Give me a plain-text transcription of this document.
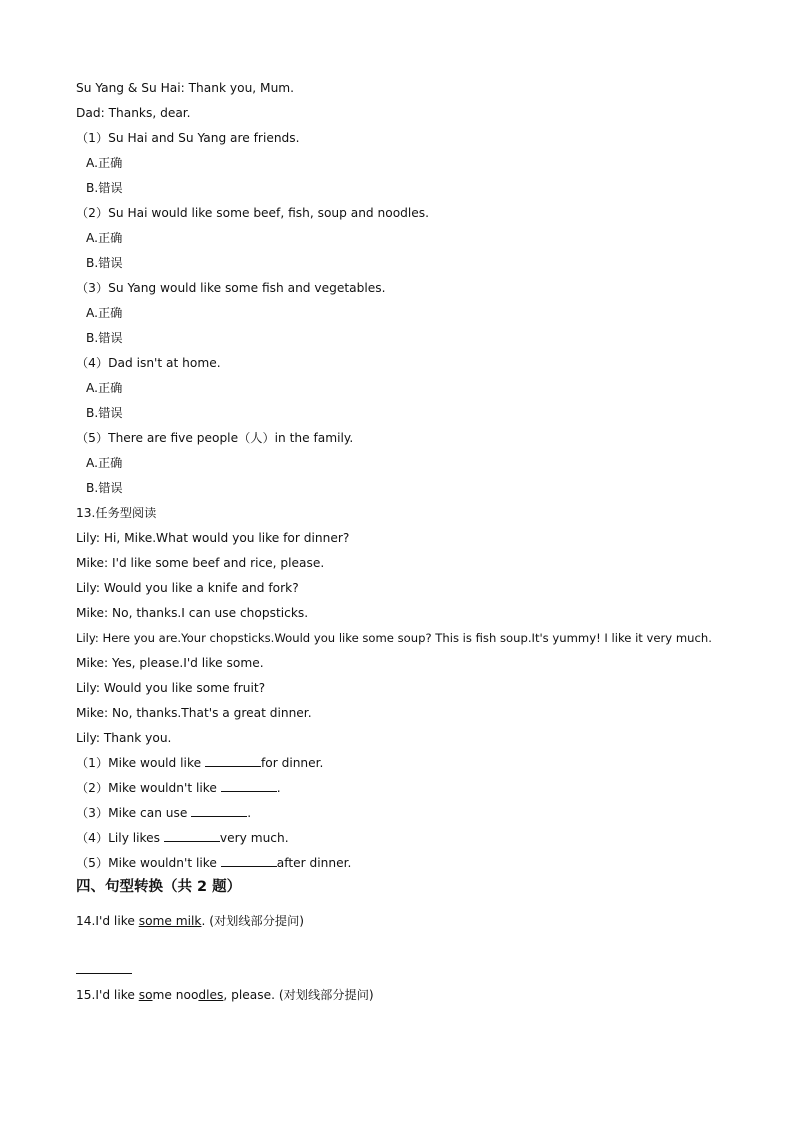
Su Yang & Su Hai: Thank you, Mum.
Dad: Thanks, dear.
（1）Su Hai and Su Yang are friends.
A.正确
B.错误
（2）Su Hai would like some beef, fish, soup and noodles.
A.正确
B.错误
（3）Su Yang would like some fish and vegetables.
A.正确
B.错误
（4）Dad isn't at home.
A.正确
B.错误
（5）There are five people（人）in the family.
A.正确
B.错误
13.任务型阅读
Lily: Hi, Mike.What would you like for dinner?
Mike: I'd like some beef and rice, please.
Lily: Would you like a knife and fork?
Mike: No, thanks.I can use chopsticks.
Lily: Here you are.Your chopsticks.Would you like some soup? This is fish soup.It's yummy! I like it very much.
Mike: Yes, please.I'd like some.
Lily: Would you like some fruit?
Mike: No, thanks.That's a great dinner.
Lily: Thank you.
（1）Mike would like	for dinner.
（2）Mike wouldn't like	.
（3）Mike can use	.
（4）Lily likes	very much.
（5）Mike wouldn't like	after dinner.
四、句型转换（共 2 题）
14.I'd like some milk. (对划线部分提问)
15.I'd like some noodles, please. (对划线部分提问)
